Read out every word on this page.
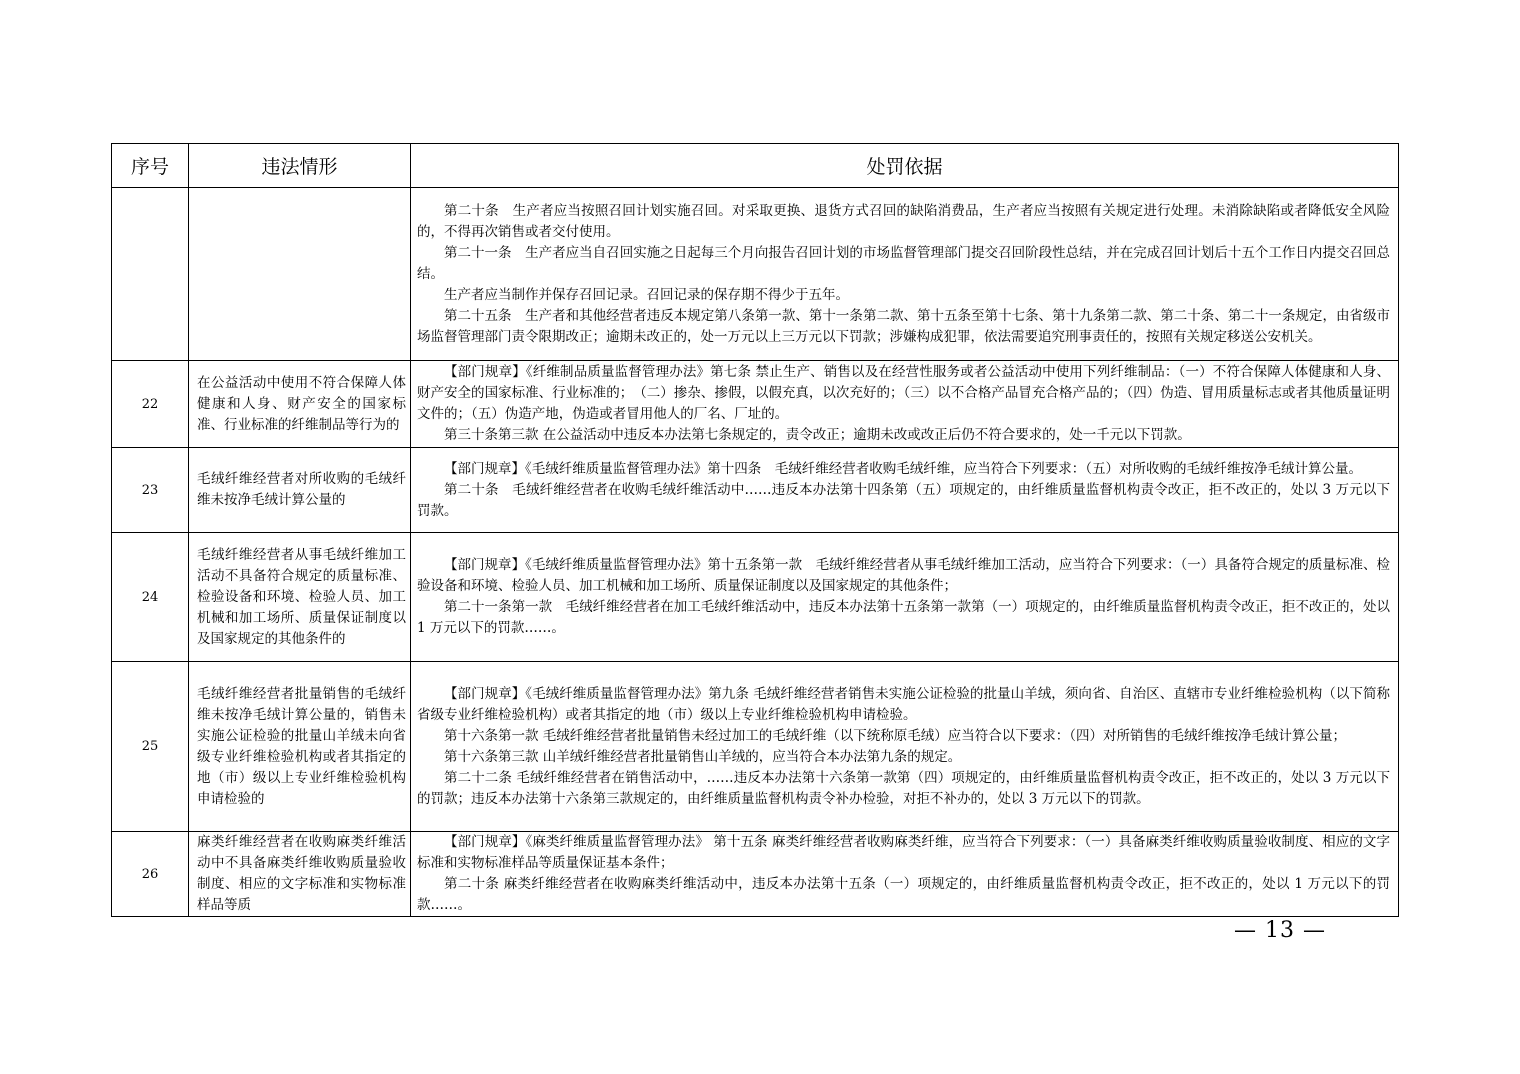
序号	违法情形	处罚依据

		第二十条　生产者应当按照召回计划实施召回。对采取更换、退货方式召回的缺陷消费品，生产者应当按照有关规定进行处理。未消除缺陷或者降低安全风险的，不得再次销售或者交付使用。

第二十一条　生产者应当自召回实施之日起每三个月向报告召回计划的市场监督管理部门提交召回阶段性总结，并在完成召回计划后十五个工作日内提交召回总结。

生产者应当制作并保存召回记录。召回记录的保存期不得少于五年。

第二十五条　生产者和其他经营者违反本规定第八条第一款、第十一条第二款、第十五条至第十七条、第十九条第二款、第二十条、第二十一条规定，由省级市场监督管理部门责令限期改正；逾期未改正的，处一万元以上三万元以下罚款；涉嫌构成犯罪，依法需要追究刑事责任的，按照有关规定移送公安机关。

22	在公益活动中使用不符合保障人体健康和人身、财产安全的国家标准、行业标准的纤维制品等行为的	【部门规章】《纤维制品质量监督管理办法》第七条 禁止生产、销售以及在经营性服务或者公益活动中使用下列纤维制品：（一）不符合保障人体健康和人身、财产安全的国家标准、行业标准的；　（二）掺杂、掺假，以假充真，以次充好的；（三）以不合格产品冒充合格产品的；（四）伪造、冒用质量标志或者其他质量证明文件的；（五）伪造产地，伪造或者冒用他人的厂名、厂址的。

第三十条第三款 在公益活动中违反本办法第七条规定的，责令改正；逾期未改或改正后仍不符合要求的，处一千元以下罚款。

23	毛绒纤维经营者对所收购的毛绒纤维未按净毛绒计算公量的	【部门规章】《毛绒纤维质量监督管理办法》第十四条　毛绒纤维经营者收购毛绒纤维，应当符合下列要求：（五）对所收购的毛绒纤维按净毛绒计算公量。

第二十条　毛绒纤维经营者在收购毛绒纤维活动中……违反本办法第十四条第（五）项规定的，由纤维质量监督机构责令改正，拒不改正的，处以 3 万元以下罚款。

24	毛绒纤维经营者从事毛绒纤维加工活动不具备符合规定的质量标准、检验设备和环境、检验人员、加工机械和加工场所、质量保证制度以及国家规定的其他条件的	【部门规章】《毛绒纤维质量监督管理办法》第十五条第一款　毛绒纤维经营者从事毛绒纤维加工活动，应当符合下列要求：（一）具备符合规定的质量标准、检验设备和环境、检验人员、加工机械和加工场所、质量保证制度以及国家规定的其他条件；

第二十一条第一款　毛绒纤维经营者在加工毛绒纤维活动中，违反本办法第十五条第一款第（一）项规定的，由纤维质量监督机构责令改正，拒不改正的，处以 1 万元以下的罚款……。

25	毛绒纤维经营者批量销售的毛绒纤维未按净毛绒计算公量的，销售未实施公证检验的批量山羊绒未向省级专业纤维检验机构或者其指定的地（市）级以上专业纤维检验机构申请检验的	【部门规章】《毛绒纤维质量监督管理办法》第九条 毛绒纤维经营者销售未实施公证检验的批量山羊绒，须向省、自治区、直辖市专业纤维检验机构（以下简称省级专业纤维检验机构）或者其指定的地（市）级以上专业纤维检验机构申请检验。

第十六条第一款 毛绒纤维经营者批量销售未经过加工的毛绒纤维（以下统称原毛绒）应当符合以下要求：（四）对所销售的毛绒纤维按净毛绒计算公量；

第十六条第三款 山羊绒纤维经营者批量销售山羊绒的，应当符合本办法第九条的规定。

第二十二条 毛绒纤维经营者在销售活动中，……违反本办法第十六条第一款第（四）项规定的，由纤维质量监督机构责令改正，拒不改正的，处以 3 万元以下的罚款；违反本办法第十六条第三款规定的，由纤维质量监督机构责令补办检验，对拒不补办的，处以 3 万元以下的罚款。

26	麻类纤维经营者在收购麻类纤维活动中不具备麻类纤维收购质量验收制度、相应的文字标准和实物标准样品等质	【部门规章】《麻类纤维质量监督管理办法》 第十五条 麻类纤维经营者收购麻类纤维，应当符合下列要求：（一）具备麻类纤维收购质量验收制度、相应的文字标准和实物标准样品等质量保证基本条件；

第二十条 麻类纤维经营者在收购麻类纤维活动中，违反本办法第十五条（一）项规定的，由纤维质量监督机构责令改正，拒不改正的，处以 1 万元以下的罚款……。

— 13 —
